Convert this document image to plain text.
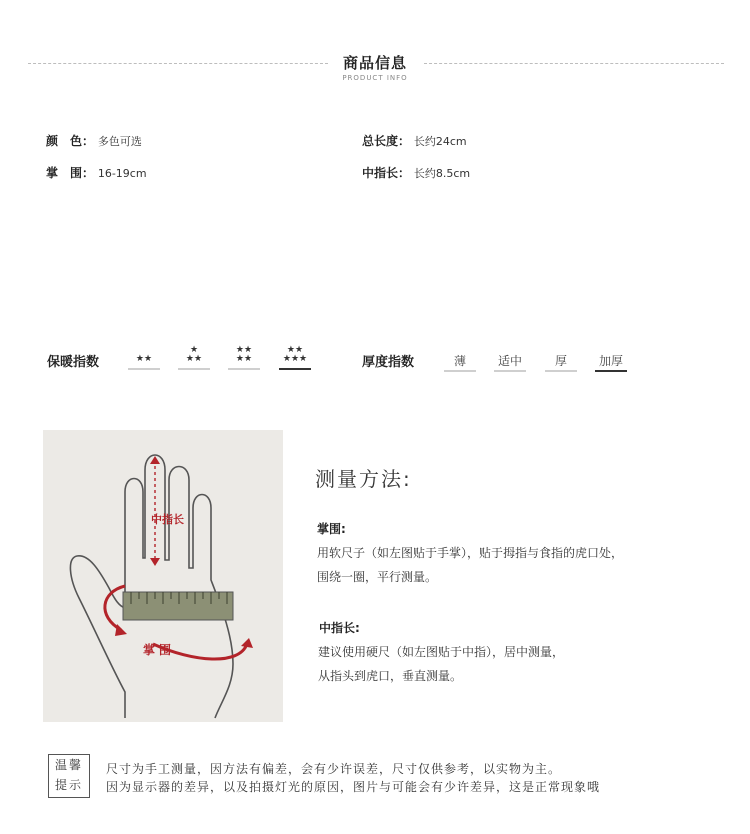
商品信息
PRODUCT INFO
颜　色： 多色可选
掌　围： 16-19cm
总长度： 长约24cm
中指长： 长约8.5cm
保暖指数	★★
★
★★
★★
★★
★★
★★★	厚度指数	薄	适中	厚	加厚
中指长
掌围
测量方法:
掌围:
用软尺子（如左图贴于手掌），贴于拇指与食指的虎口处，
围绕一圈，平行测量。
中指长:
建议使用硬尺（如左图贴于中指），居中测量，
从指头到虎口，垂直测量。
温馨
提示
尺寸为手工测量，因方法有偏差，会有少许误差，尺寸仅供参考，以实物为主。
因为显示器的差异，以及拍摄灯光的原因，图片与可能会有少许差异，这是正常现象哦
